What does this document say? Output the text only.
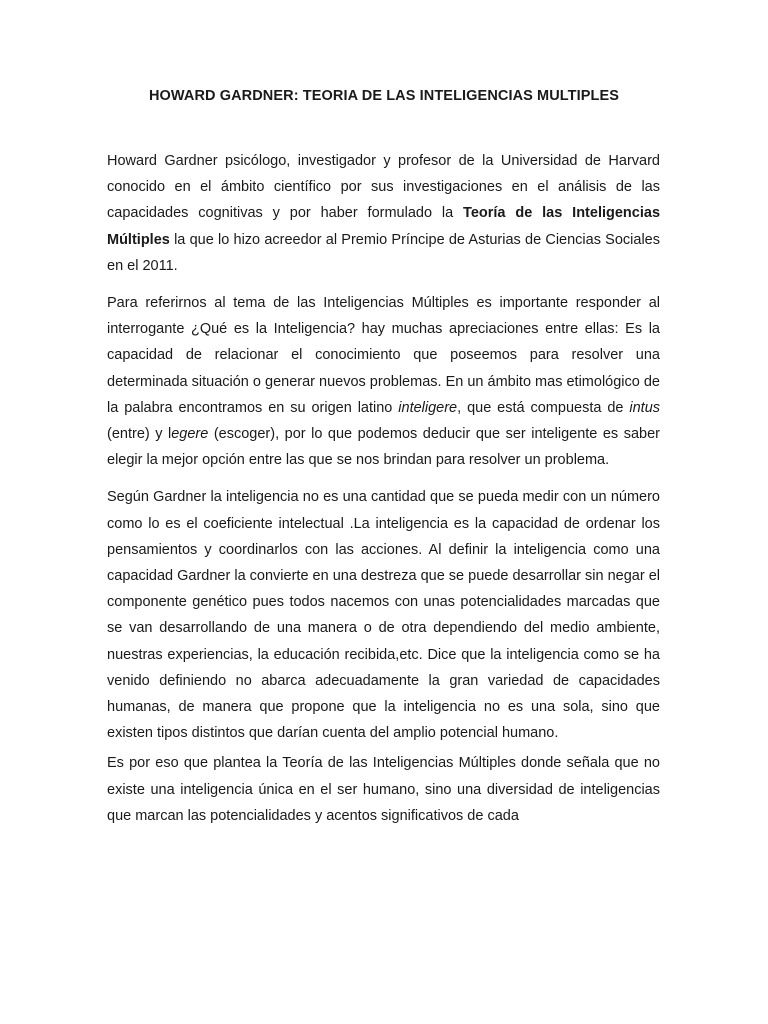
HOWARD GARDNER: TEORIA DE LAS INTELIGENCIAS MULTIPLES

Howard Gardner psicólogo, investigador y profesor de la Universidad de Harvard conocido en el ámbito científico por sus investigaciones en el análisis de las capacidades cognitivas y por haber formulado la Teoría de las Inteligencias Múltiples la que lo hizo acreedor al Premio Príncipe de Asturias de Ciencias Sociales en el 2011.

Para referirnos al tema de las Inteligencias Múltiples es importante responder al interrogante ¿Qué es la Inteligencia? hay muchas apreciaciones entre ellas: Es la capacidad de relacionar el conocimiento que poseemos para resolver una determinada situación o generar nuevos problemas. En un ámbito mas etimológico de la palabra encontramos en su origen latino inteligere, que está compuesta de intus (entre) y legere (escoger), por lo que podemos deducir que ser inteligente es saber elegir la mejor opción entre las que se nos brindan para resolver un problema.

Según Gardner la inteligencia no es una cantidad que se pueda medir con un número como lo es el coeficiente intelectual .La inteligencia es la capacidad de ordenar los pensamientos y coordinarlos con las acciones. Al definir la inteligencia como una capacidad Gardner la convierte en una destreza que se puede desarrollar sin negar el componente genético pues todos nacemos con unas potencialidades marcadas que se van desarrollando de una manera o de otra dependiendo del medio ambiente, nuestras experiencias, la educación recibida,etc. Dice que la inteligencia como se ha venido definiendo no abarca adecuadamente la gran variedad de capacidades humanas, de manera que propone que la inteligencia no es una sola, sino que existen tipos distintos que darían cuenta del amplio potencial humano.

Es por eso que plantea la Teoría de las Inteligencias Múltiples donde señala que no existe una inteligencia única en el ser humano, sino una diversidad de inteligencias que marcan las potencialidades y acentos significativos de cada
